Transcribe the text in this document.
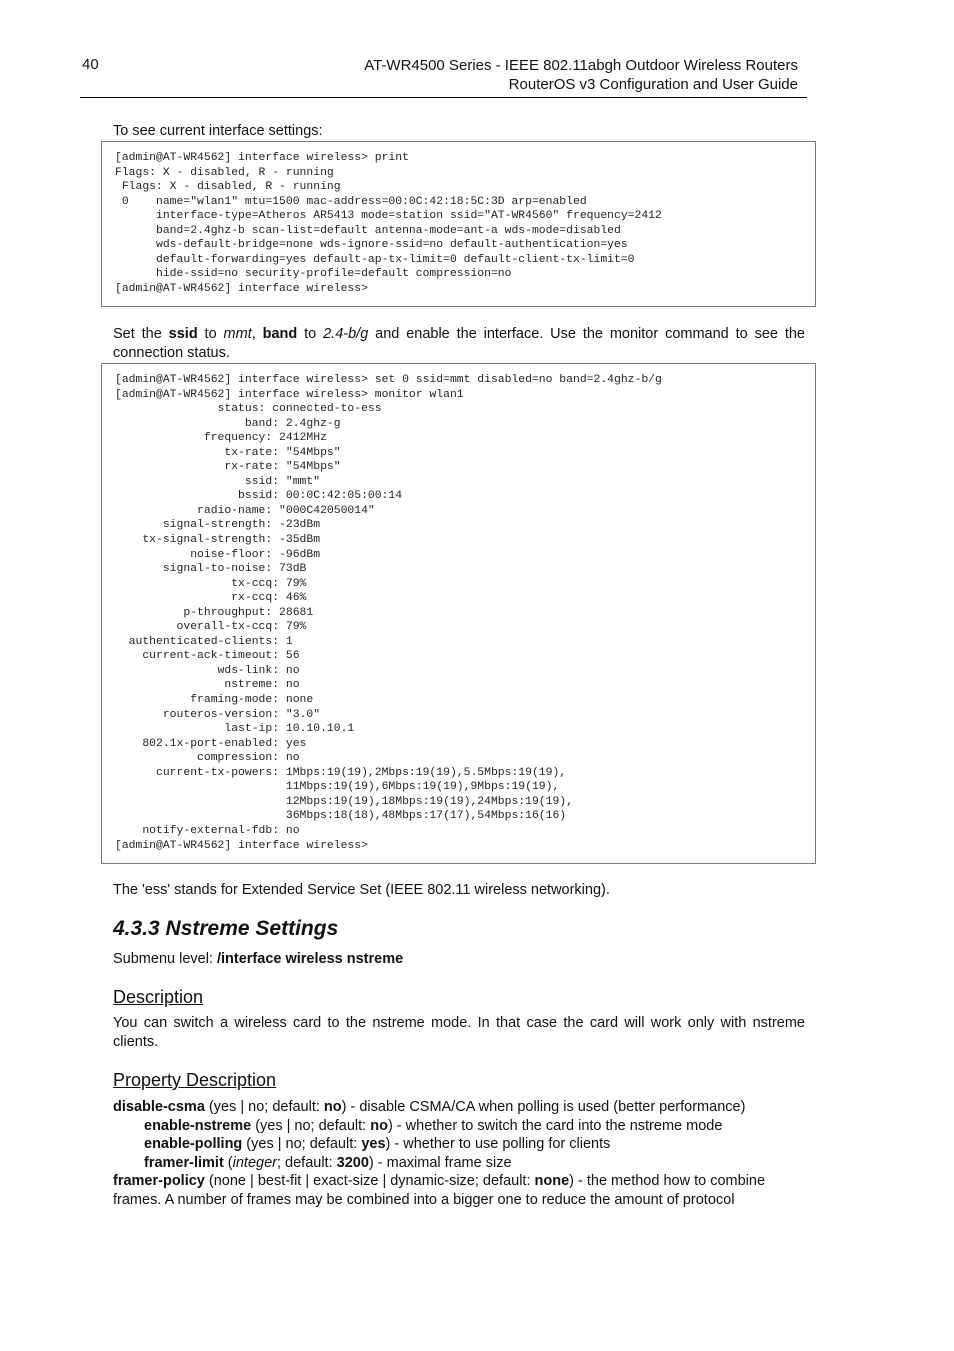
40	AT-WR4500 Series - IEEE 802.11abgh Outdoor Wireless Routers
RouterOS v3 Configuration and User Guide
To see current interface settings:
[admin@AT-WR4562] interface wireless> print
Flags: X - disabled, R - running
Flags: X - disabled, R - running
0    name="wlan1" mtu=1500 mac-address=00:0C:42:18:5C:3D arp=enabled
interface-type=Atheros AR5413 mode=station ssid="AT-WR4560" frequency=2412
band=2.4ghz-b scan-list=default antenna-mode=ant-a wds-mode=disabled
wds-default-bridge=none wds-ignore-ssid=no default-authentication=yes
default-forwarding=yes default-ap-tx-limit=0 default-client-tx-limit=0
hide-ssid=no security-profile=default compression=no
[admin@AT-WR4562] interface wireless>
Set the ssid to mmt, band to 2.4-b/g and enable the interface. Use the monitor command to see the connection status.
[admin@AT-WR4562] interface wireless> set 0 ssid=mmt disabled=no band=2.4ghz-b/g
[admin@AT-WR4562] interface wireless> monitor wlan1
status: connected-to-ess
band: 2.4ghz-g
frequency: 2412MHz
tx-rate: "54Mbps"
rx-rate: "54Mbps"
ssid: "mmt"
bssid: 00:0C:42:05:00:14
radio-name: "000C42050014"
signal-strength: -23dBm
tx-signal-strength: -35dBm
noise-floor: -96dBm
signal-to-noise: 73dB
tx-ccq: 79%
rx-ccq: 46%
p-throughput: 28681
overall-tx-ccq: 79%
authenticated-clients: 1
current-ack-timeout: 56
wds-link: no
nstreme: no
framing-mode: none
routeros-version: "3.0"
last-ip: 10.10.10.1
802.1x-port-enabled: yes
compression: no
current-tx-powers: 1Mbps:19(19),2Mbps:19(19),5.5Mbps:19(19),
11Mbps:19(19),6Mbps:19(19),9Mbps:19(19),
12Mbps:19(19),18Mbps:19(19),24Mbps:19(19),
36Mbps:18(18),48Mbps:17(17),54Mbps:16(16)
notify-external-fdb: no
[admin@AT-WR4562] interface wireless>
The 'ess' stands for Extended Service Set (IEEE 802.11 wireless networking).
4.3.3 Nstreme Settings
Submenu level: /interface wireless nstreme
Description
You can switch a wireless card to the nstreme mode. In that case the card will work only with nstreme clients.
Property Description
disable-csma (yes | no; default: no) - disable CSMA/CA when polling is used (better performance)
enable-nstreme (yes | no; default: no) - whether to switch the card into the nstreme mode
enable-polling (yes | no; default: yes) - whether to use polling for clients
framer-limit (integer; default: 3200) - maximal frame size
framer-policy (none | best-fit | exact-size | dynamic-size; default: none) - the method how to combine frames. A number of frames may be combined into a bigger one to reduce the amount of protocol
